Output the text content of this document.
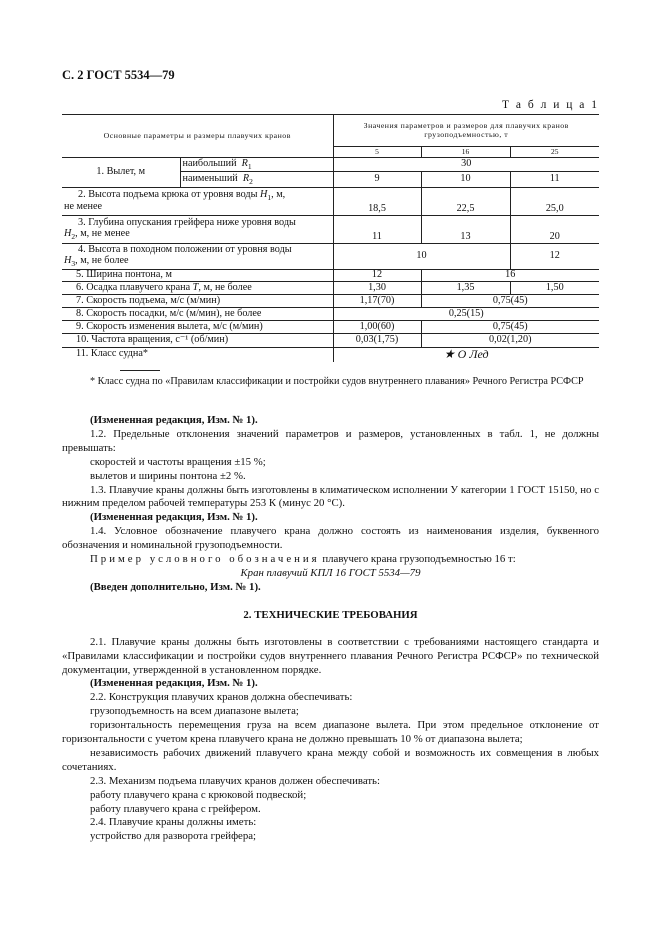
С. 2 ГОСТ 5534—79
Т а б л и ц а 1
Основные параметры и размеры плавучих кранов		Значения параметров и размеров для плавучих кранов грузоподъемностью, т		
		5	16	25
1. Вылет, м	наибольший $R_1$	30		
	наименьший $R_2$	9	10	11

2. Высота подъема крюка от уровня воды $H_1$, м,
не менее		18,5	22,5	25,0

3. Глубина опускания грейфера ниже уровня воды
$H_2$, м, не менее		11	13	20

4. Высота в походном положении от уровня воды
$H_3$, м, не более		10		12
5. Ширина понтона, м		12	16	
6. Осадка плавучего крана T, м, не более		1,30	1,35	1,50
7. Скорость подъема, м/с (м/мин)		1,17(70)	0,75(45)	
8. Скорость посадки, м/с (м/мин), не более		0,25(15)		
9. Скорость изменения вылета, м/с (м/мин)		1,00(60)	0,75(45)	
10. Частота вращения, с⁻¹ (об/мин)		0,03(1,75)	0,02(1,20)	
11. Класс судна*		★ О Лед		

* Класс судна по «Правилам классификации и постройки судов внутреннего плавания» Речного Регистра РСФСР

(Измененная редакция, Изм. № 1).

1.2. Предельные отклонения значений параметров и размеров, установленных в табл. 1, не должны превышать:

скоростей и частоты вращения ±15 %;

вылетов и ширины понтона ±2 %.

1.3. Плавучие краны должны быть изготовлены в климатическом исполнении У категории 1 ГОСТ 15150, но с нижним пределом рабочей температуры 253 К (минус 20 °С).

(Измененная редакция, Изм. № 1).

1.4. Условное обозначение плавучего крана должно состоять из наименования изделия, буквенного обозначения и номинальной грузоподъемности.

Пример условного обозначения плавучего крана грузоподъемностью 16 т:

Кран плавучий КПЛ 16 ГОСТ 5534—79

(Введен дополнительно, Изм. № 1).

2. ТЕХНИЧЕСКИЕ ТРЕБОВАНИЯ

2.1. Плавучие краны должны быть изготовлены в соответствии с требованиями настоящего стандарта и «Правилами классификации и постройки судов внутреннего плавания Речного Регистра РСФСР» по технической документации, утвержденной в установленном порядке.

(Измененная редакция, Изм. № 1).

2.2. Конструкция плавучих кранов должна обеспечивать:

грузоподъемность на всем диапазоне вылета;

горизонтальность перемещения груза на всем диапазоне вылета. При этом предельное отклонение от горизонтальности с учетом крена плавучего крана не должно превышать 10 % от диапазона вылета;

независимость рабочих движений плавучего крана между собой и возможность их совмещения в любых сочетаниях.

2.3. Механизм подъема плавучих кранов должен обеспечивать:

работу плавучего крана с крюковой подвеской;

работу плавучего крана с грейфером.

2.4. Плавучие краны должны иметь:

устройство для разворота грейфера;
